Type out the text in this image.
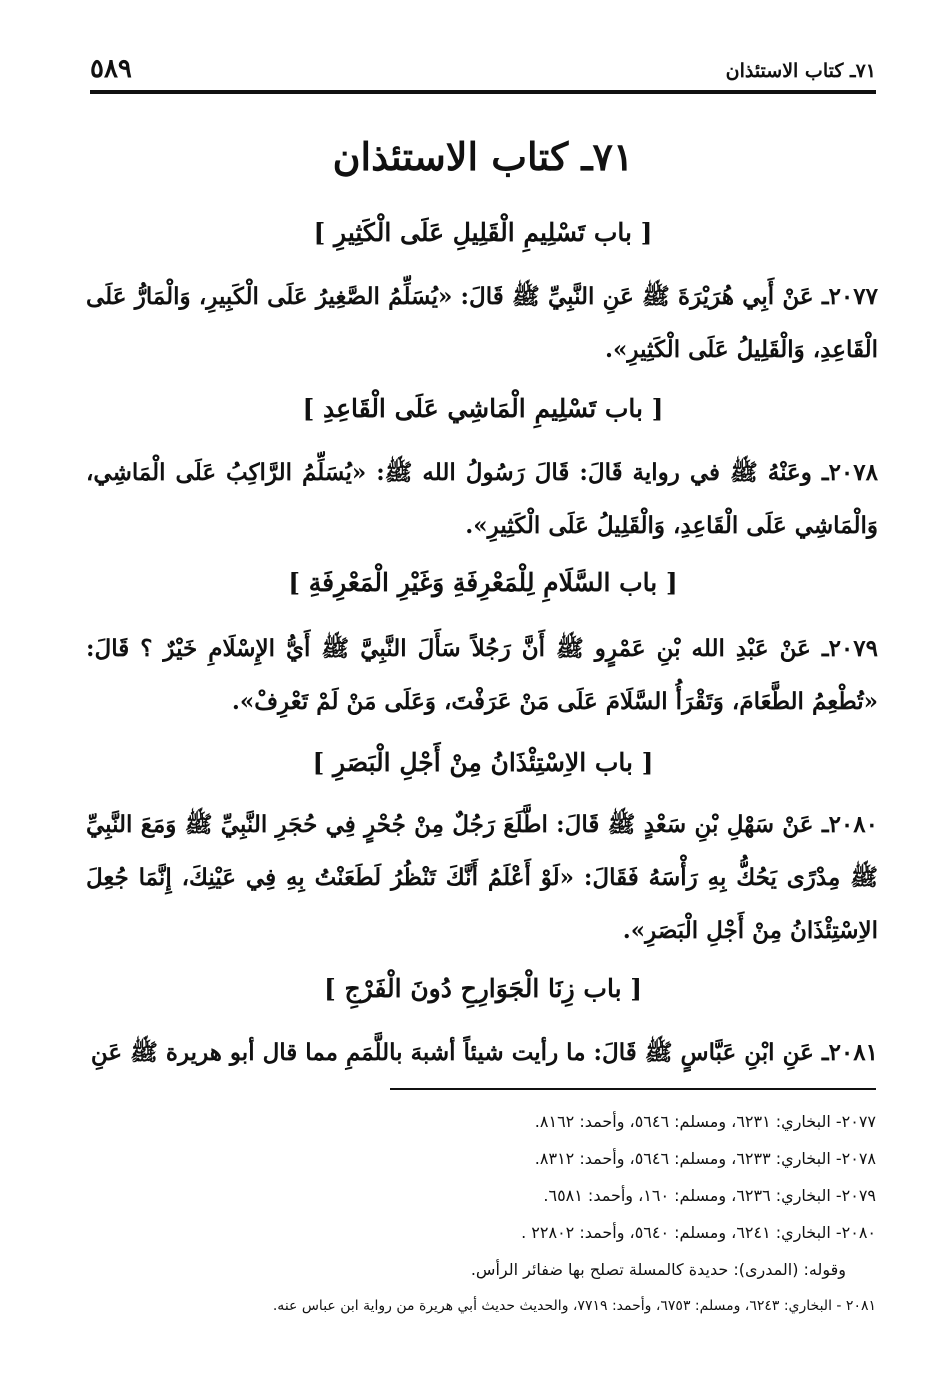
٧١ـ كتاب الاستئذان
٥٨٩
٧١ـ كتاب الاستئذان
[ باب تَسْلِيمِ الْقَلِيلِ عَلَى الْكَثِيرِ ]
٢٠٧٧ـ عَنْ أَبِي هُرَيْرَةَ ﷺ عَنِ النَّبِيِّ ﷺ قَالَ: «يُسَلِّمُ الصَّغِيرُ عَلَى الْكَبِيرِ، وَالْمَارُّ عَلَى الْقَاعِدِ، وَالْقَلِيلُ عَلَى الْكَثِيرِ».
[ باب تَسْلِيمِ الْمَاشِي عَلَى الْقَاعِدِ ]
٢٠٧٨ـ وعَنْهُ ﷺ في رواية قَالَ: قَالَ رَسُولُ الله ﷺ: «يُسَلِّمُ الرَّاكِبُ عَلَى الْمَاشِي، وَالْمَاشِي عَلَى الْقَاعِدِ، وَالْقَلِيلُ عَلَى الْكَثِيرِ».
[ باب السَّلَامِ لِلْمَعْرِفَةِ وَغَيْرِ الْمَعْرِفَةِ ]
٢٠٧٩ـ عَنْ عَبْدِ الله بْنِ عَمْرٍو ﷺ أَنَّ رَجُلاً سَأَلَ النَّبِيَّ ﷺ أَيُّ الإِسْلَامِ خَيْرٌ ؟ قَالَ: «تُطْعِمُ الطَّعَامَ، وَتَقْرَأُ السَّلَامَ عَلَى مَنْ عَرَفْتَ، وَعَلَى مَنْ لَمْ تَعْرِفْ».
[ باب الاِسْتِئْذَانُ مِنْ أَجْلِ الْبَصَرِ ]
٢٠٨٠ـ عَنْ سَهْلِ بْنِ سَعْدٍ ﷺ قَالَ: اطَّلَعَ رَجُلٌ مِنْ جُحْرٍ فِي حُجَرِ النَّبِيِّ ﷺ وَمَعَ النَّبِيِّ ﷺ مِدْرًى يَحُكُّ بِهِ رَأْسَهُ فَقَالَ: «لَوْ أَعْلَمُ أَنَّكَ تَنْظُرُ لَطَعَنْتُ بِهِ فِي عَيْنِكَ، إِنَّمَا جُعِلَ الاِسْتِئْذَانُ مِنْ أَجْلِ الْبَصَرِ».
[ باب زِنَا الْجَوَارِحِ دُونَ الْفَرْجِ ]
٢٠٨١ـ عَنِ ابْنِ عَبَّاسٍ ﷺ قَالَ: ما رأيت شيئاً أشبهَ باللَّمَمِ مما قال أبو هريرة ﷺ عَنِ
٢٠٧٧- البخاري: ٦٢٣١، ومسلم: ٥٦٤٦، وأحمد: ٨١٦٢.
٢٠٧٨- البخاري: ٦٢٣٣، ومسلم: ٥٦٤٦، وأحمد: ٨٣١٢.
٢٠٧٩- البخاري: ٦٢٣٦، ومسلم: ١٦٠، وأحمد: ٦٥٨١.
٢٠٨٠- البخاري: ٦٢٤١، ومسلم: ٥٦٤٠، وأحمد: ٢٢٨٠٢ .
وقوله: (المدرى): حديدة كالمسلة تصلح بها ضفائر الرأس.
٢٠٨١ - البخاري: ٦٢٤٣، ومسلم: ٦٧٥٣، وأحمد: ٧٧١٩، والحديث حديث أبي هريرة من رواية ابن عباس عنه.
